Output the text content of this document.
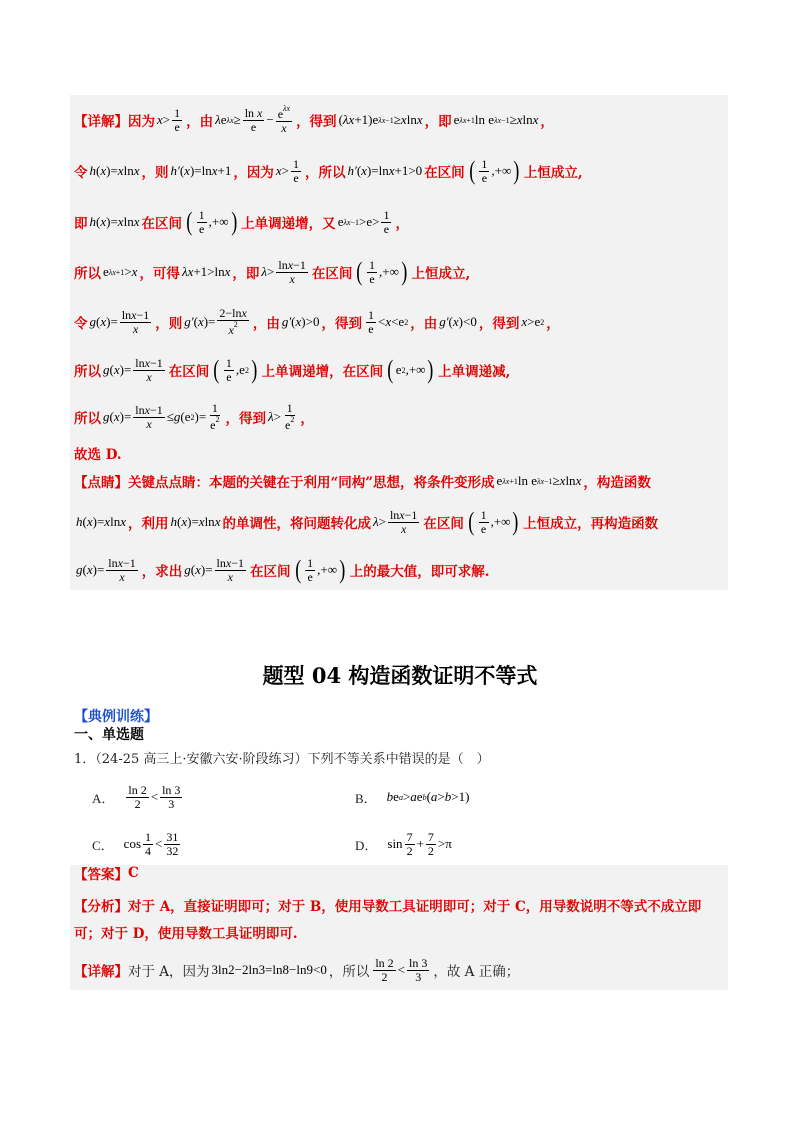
【详解】 因为 $x > \frac{1}{e}$ ，由 λ e $\lambda x \ge \frac{\text{ln x}}{e} - \frac{e^{\lambda x}}{x}$ ，得到 ( λx +1)e λx−1 ≥ x ln x ，即 e λx+1 ln e λx−1 ≥ x ln x ，
令 h ( x )= x ln x ，则 h′ ( x )=ln x +1 ，因为 $x > \frac{1}{e}$ ，所以 h′ ( x )=ln x +1>0 在区间 ( $\frac{1}{e}$ ,+∞ ) 上恒成立,
即 h ( x )= x ln x 在区间 ( $\frac{1}{e}$ ,+∞ ) 上单调递增，又 e $\lambda x-1 >e> \frac{1}{e}$ ，
所以 e λx+1 > x ，可得 λx +1>ln x ，即 $\lambda > \frac{\ln x-1}{x}$ 在区间 ( $\frac{1}{e}$ ,+∞ ) 上恒成立,
令 g ( x )= $\frac{\ln x-1}{x}$ ，则 g′ ( x )= $\frac{2-\ln x}{x^2}$ ，由 g′ ( x )>0 ，得到 $\frac{1}{e} < x <e$ 2 ，由 g′ ( x )<0 ，得到 x >e 2 ，
所以 g ( x )= $\frac{\ln x-1}{x}$ 在区间 ( $\frac{1}{e} ,e$ 2 ) 上单调递增，在区间 ( e 2 ,+∞ ) 上单调递减,
所以 g ( x )= $\frac{\ln x-1}{x} \le g$ (e 2 )= $\frac{1}{e^2}$ ，得到 $\lambda > \frac{1}{e^2}$ ，
故选 D.
【点睛】 关键点点睛：本题的关键在于利用“同构”思想，将条件变形成 e λx+1 ln e λx−1 ≥ x ln x ，构造函数
h ( x )= x ln x ，利用 h ( x )= x ln x 的单调性，将问题转化成 $\lambda > \frac{\ln x-1}{x}$ 在区间 ( $\frac{1}{e}$ ,+∞ ) 上恒成立，再构造函数
g ( x )= $\frac{\ln x-1}{x}$ ，求出 g ( x )= $\frac{\ln x-1}{x}$ 在区间 ( $\frac{1}{e}$ ,+∞ ) 上的最大值，即可求解.
题型 04 构造函数证明不等式
【典例训练】
一、单选题
1．（24-25 高三上·安徽六安·阶段练习）下列不等关系中错误的是（　）
A． $\frac{\ln 2}{2} < \frac{\ln 3}{3}$	B． b e a > a e b ( a > b >1)
C． $\cos \frac{1}{4} < \frac{31}{32}$	D． $\sin \frac{7}{2} + \frac{7}{2} >\pi$
【答案】 C
【分析】 对于 A，直接证明即可；对于 B，使用导数工具证明即可；对于 C，用导数说明不等式不成立即
可；对于 D，使用导数工具证明即可.
【详解】 对于 A，因为 3ln2−2ln3=ln8−ln9<0 ，所以 $\frac{\ln 2}{2} < \frac{\ln 3}{3}$ ，故 A 正确；
